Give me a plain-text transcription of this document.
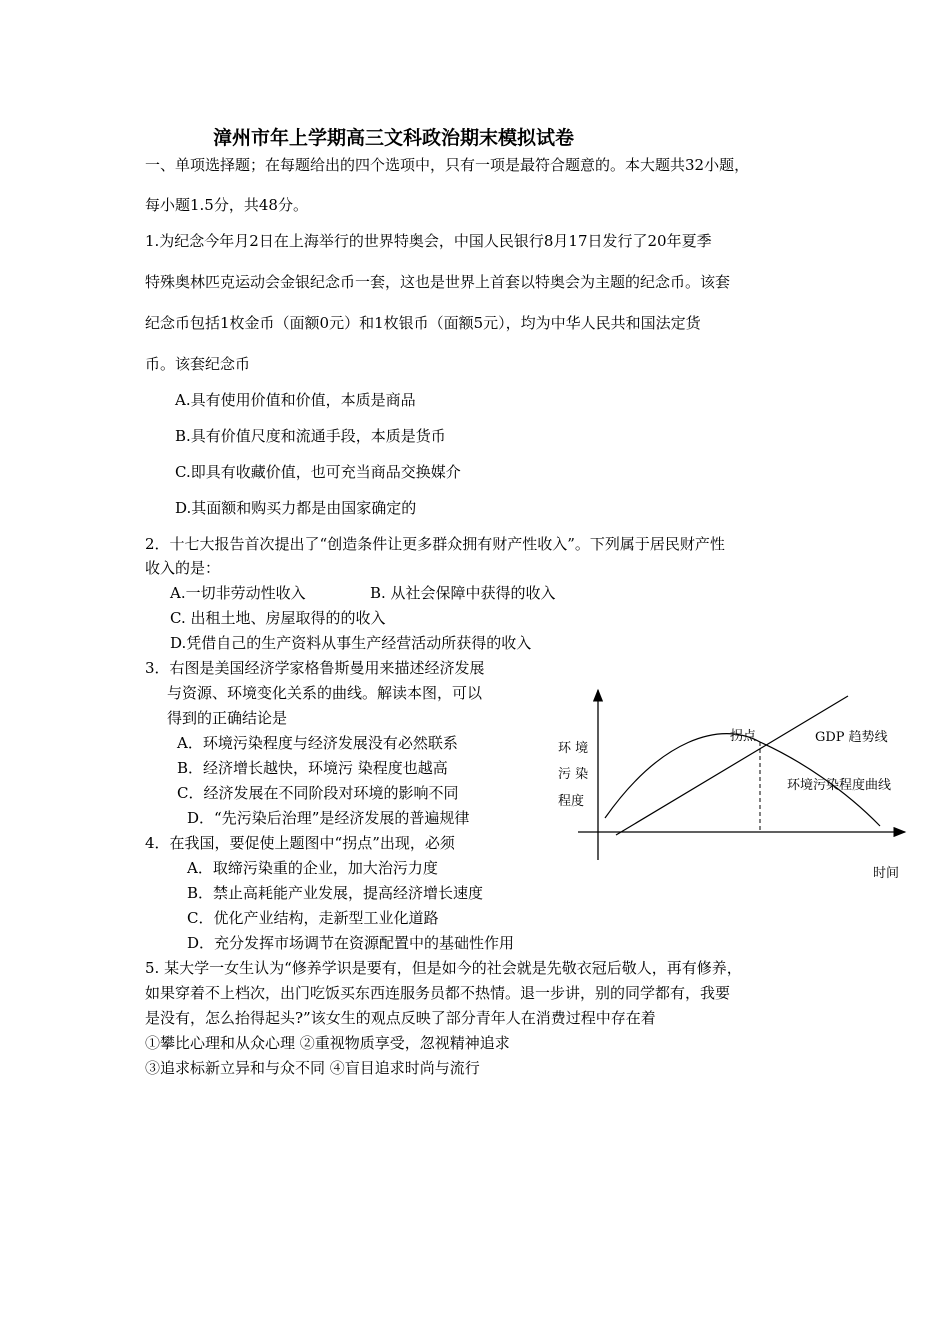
漳州市年上学期高三文科政治期末模拟试卷
一、单项选择题；在每题给出的四个选项中，只有一项是最符合题意的。本大题共32小题，
每小题1.5分，共48分。
1.为纪念今年月2日在上海举行的世界特奥会，中国人民银行8月17日发行了20年夏季
特殊奥林匹克运动会金银纪念币一套，这也是世界上首套以特奥会为主题的纪念币。该套
纪念币包括1枚金币（面额0元）和1枚银币（面额5元），均为中华人民共和国法定货
币。该套纪念币
A.具有使用价值和价值，本质是商品
B.具有价值尺度和流通手段，本质是货币
C.即具有收藏价值，也可充当商品交换媒介
D.其面额和购买力都是由国家确定的
2．十七大报告首次提出了“创造条件让更多群众拥有财产性收入”。下列属于居民财产性
收入的是：
A.一切非劳动性收入	B. 从社会保障中获得的收入
C. 出租土地、房屋取得的的收入
D.凭借自己的生产资料从事生产经营活动所获得的收入
3．右图是美国经济学家格鲁斯曼用来描述经济发展
与资源、环境变化关系的曲线。解读本图，可以
得到的正确结论是
A．环境污染程度与经济发展没有必然联系
B．经济增长越快，环境污 染程度也越高
C．经济发展在不同阶段对环境的影响不同
D．“先污染后治理”是经济发展的普遍规律
4．在我国，要促使上题图中“拐点”出现，必须
A．取缔污染重的企业，加大治污力度
B．禁止高耗能产业发展，提高经济增长速度
C．优化产业结构，走新型工业化道路
D．充分发挥市场调节在资源配置中的基础性作用
5. 某大学一女生认为“修养学识是要有，但是如今的社会就是先敬衣冠后敬人，再有修养，
如果穿着不上档次，出门吃饭买东西连服务员都不热情。退一步讲，别的同学都有，我要
是没有，怎么抬得起头?”该女生的观点反映了部分青年人在消费过程中存在着
①攀比心理和从众心理 ②重视物质享受，忽视精神追求
③追求标新立异和与众不同 ④盲目追求时尚与流行
环 境
污 染
程度
拐点	GDP 趋势线
环境污染程度曲线
时间
